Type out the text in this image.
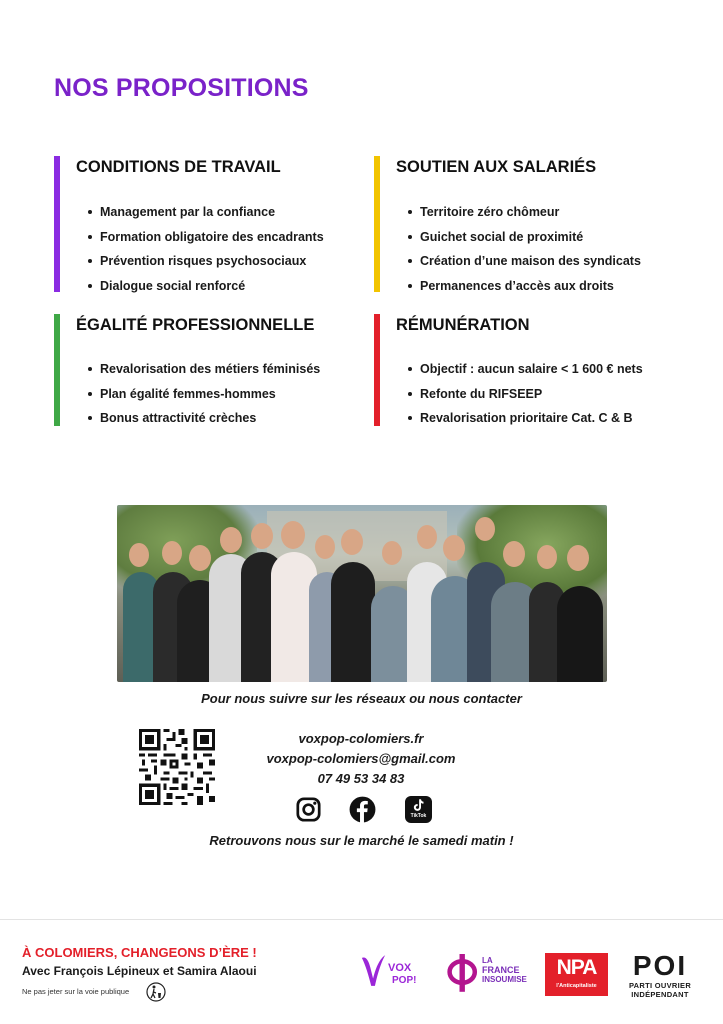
NOS PROPOSITIONS
CONDITIONS DE TRAVAIL
Management par la confiance
Formation obligatoire des encadrants
Prévention risques psychosociaux
Dialogue social renforcé
SOUTIEN AUX SALARIÉS
Territoire zéro chômeur
Guichet social de proximité
Création d’une maison des syndicats
Permanences d’accès aux droits
ÉGALITÉ PROFESSIONNELLE
Revalorisation des métiers féminisés
Plan égalité femmes-hommes
Bonus attractivité crèches
RÉMUNÉRATION
Objectif : aucun salaire < 1 600 € nets
Refonte du RIFSEEP
Revalorisation prioritaire Cat. C & B
Pour nous suivre sur les réseaux ou nous contacter
voxpop-colomiers.fr
voxpop-colomiers@gmail.com
07 49 53 34 83
TikTok
Retrouvons nous sur le marché le samedi matin !
À COLOMIERS, CHANGEONS D’ÈRE !
Avec François Lépineux et Samira Alaoui
Ne pas jeter sur la voie publique
VOX
POP!
LA
FRANCE
INSOUMISE
NPA
l'Anticapitaliste
POI
PARTI OUVRIER
INDÉPENDANT
